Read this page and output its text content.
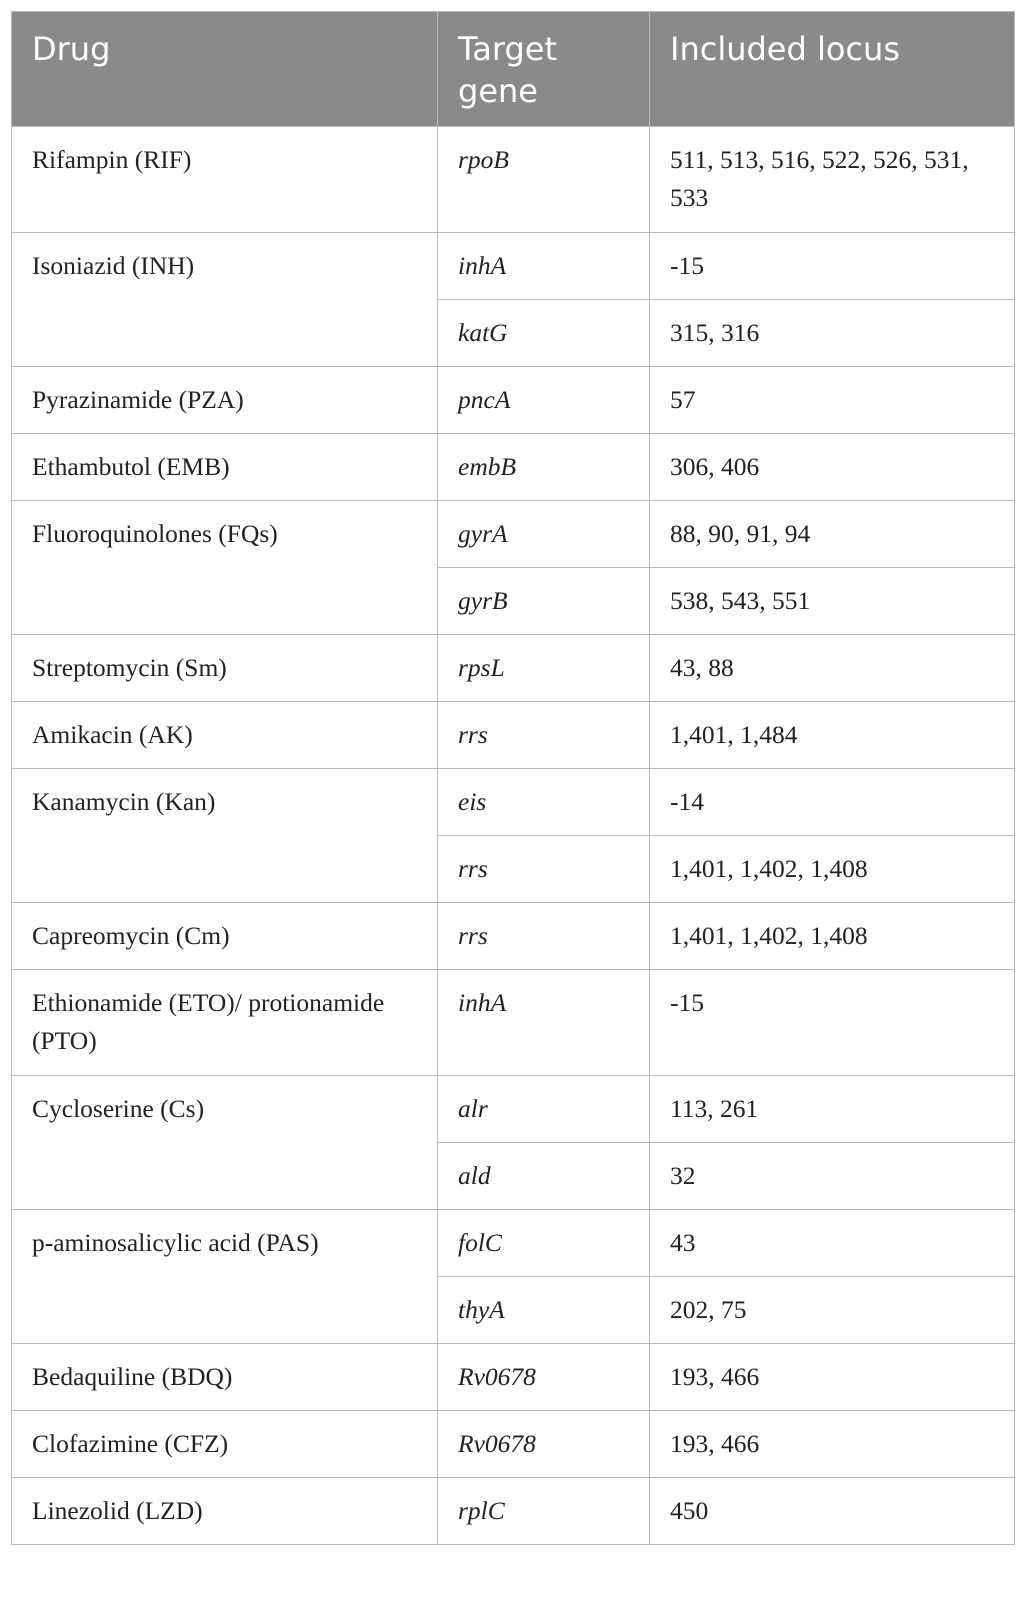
Drug	Target gene	Included locus
Rifampin (RIF)	rpoB	511, 513, 516, 522, 526, 531, 533
Isoniazid (INH)	inhA	-15
	katG	315, 316
Pyrazinamide (PZA)	pncA	57
Ethambutol (EMB)	embB	306, 406
Fluoroquinolones (FQs)	gyrA	88, 90, 91, 94
	gyrB	538, 543, 551
Streptomycin (Sm)	rpsL	43, 88
Amikacin (AK)	rrs	1,401, 1,484
Kanamycin (Kan)	eis	-14
	rrs	1,401, 1,402, 1,408
Capreomycin (Cm)	rrs	1,401, 1,402, 1,408
Ethionamide (ETO)/ protionamide (PTO)	inhA	-15
Cycloserine (Cs)	alr	113, 261
	ald	32
p-aminosalicylic acid (PAS)	folC	43
	thyA	202, 75
Bedaquiline (BDQ)	Rv0678	193, 466
Clofazimine (CFZ)	Rv0678	193, 466
Linezolid (LZD)	rplC	450
